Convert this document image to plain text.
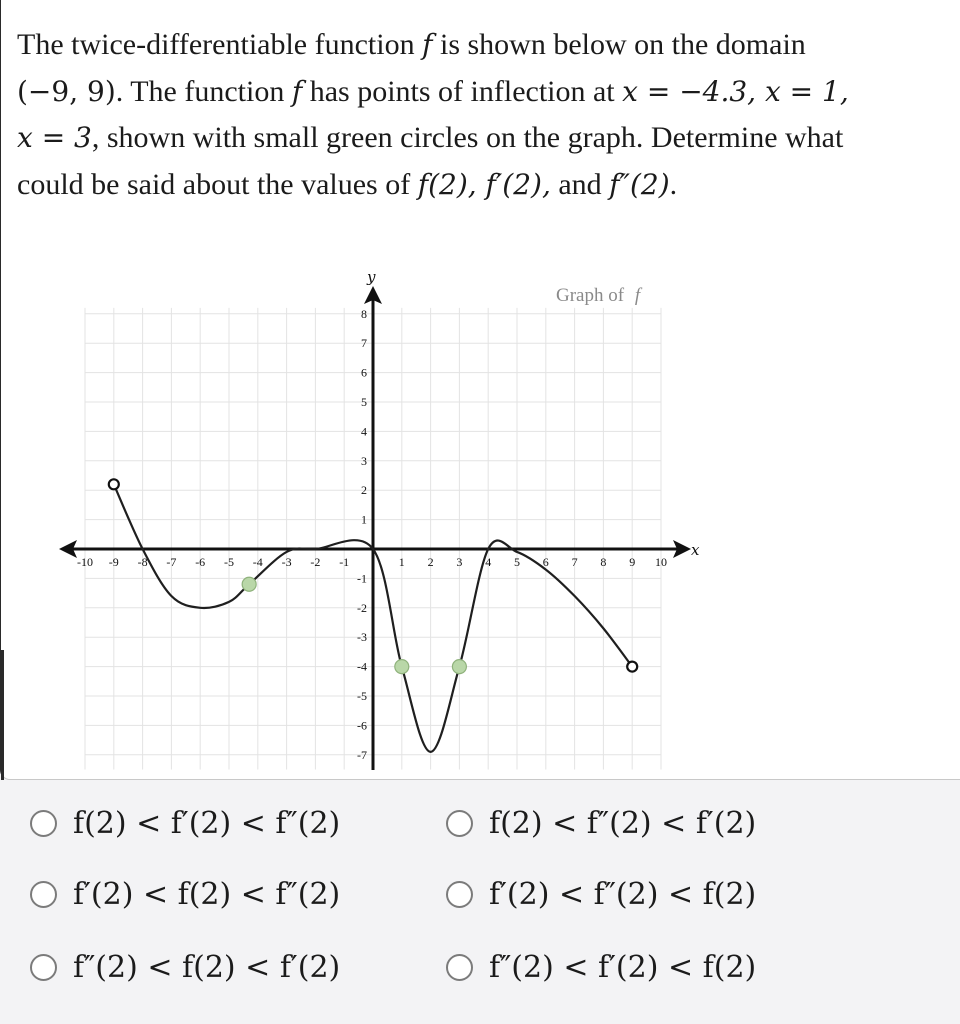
The twice-differentiable function f is shown below on the domain
(−9, 9). The function f has points of inflection at x = −4.3, x = 1,
x = 3, shown with small green circles on the graph. Determine what
could be said about the values of f(2), f′(2), and f″(2).
x
y
-10 -9 -8 -7 -6 -5 -4 -3 -2 -1	1 2 3 4 5 6 7 8 9 10
8
7
6
5
4
3
2
1
-1
-2
-3
-4
-5
-6
-7
Graph of f
f(2) < f′(2) < f″(2)	f(2) < f″(2) < f′(2)
f′(2) < f(2) < f″(2)	f′(2) < f″(2) < f(2)
f″(2) < f(2) < f′(2)	f″(2) < f′(2) < f(2)
